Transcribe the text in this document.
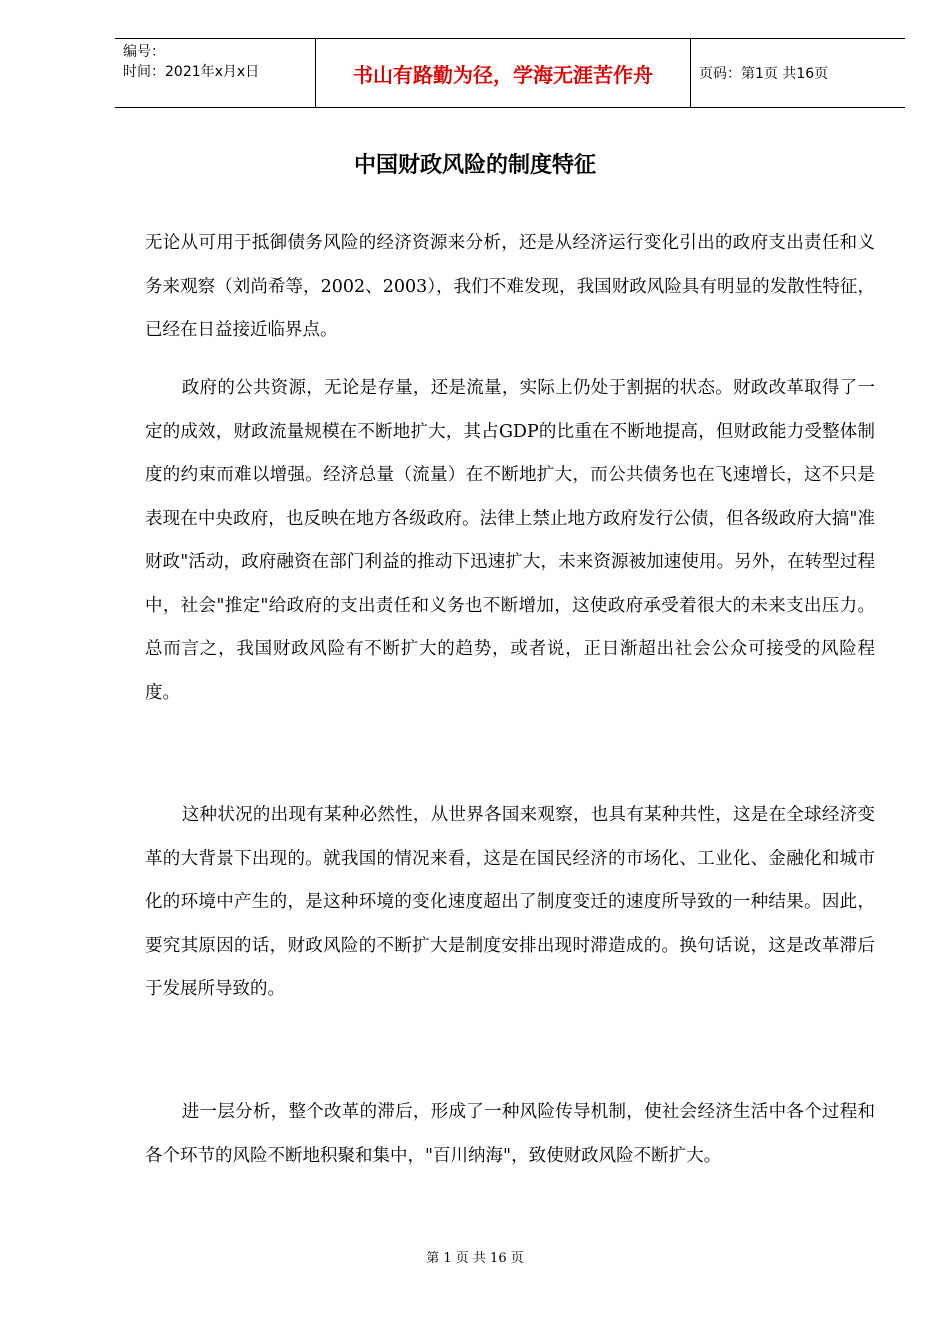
编号：
时间：2021年x月x日	书山有路勤为径，学海无涯苦作舟	页码：第1页 共16页
中国财政风险的制度特征

无论从可用于抵御债务风险的经济资源来分析，还是从经济运行变化引出的政府支出责任和义务来观察（刘尚希等，2002、2003），我们不难发现，我国财政风险具有明显的发散性特征，已经在日益接近临界点。

政府的公共资源，无论是存量，还是流量，实际上仍处于割据的状态。财政改革取得了一定的成效，财政流量规模在不断地扩大，其占GDP的比重在不断地提高，但财政能力受整体制度的约束而难以增强。经济总量（流量）在不断地扩大，而公共债务也在飞速增长，这不只是表现在中央政府，也反映在地方各级政府。法律上禁止地方政府发行公债，但各级政府大搞"准财政"活动，政府融资在部门利益的推动下迅速扩大，未来资源被加速使用。另外，在转型过程中，社会"推定"给政府的支出责任和义务也不断增加，这使政府承受着很大的未来支出压力。总而言之，我国财政风险有不断扩大的趋势，或者说，正日渐超出社会公众可接受的风险程度。

这种状况的出现有某种必然性，从世界各国来观察，也具有某种共性，这是在全球经济变革的大背景下出现的。就我国的情况来看，这是在国民经济的市场化、工业化、金融化和城市化的环境中产生的，是这种环境的变化速度超出了制度变迁的速度所导致的一种结果。因此，要究其原因的话，财政风险的不断扩大是制度安排出现时滞造成的。换句话说，这是改革滞后于发展所导致的。

进一层分析，整个改革的滞后，形成了一种风险传导机制，使社会经济生活中各个过程和各个环节的风险不断地积聚和集中，"百川纳海"，致使财政风险不断扩大。

第 1 页 共 16 页
